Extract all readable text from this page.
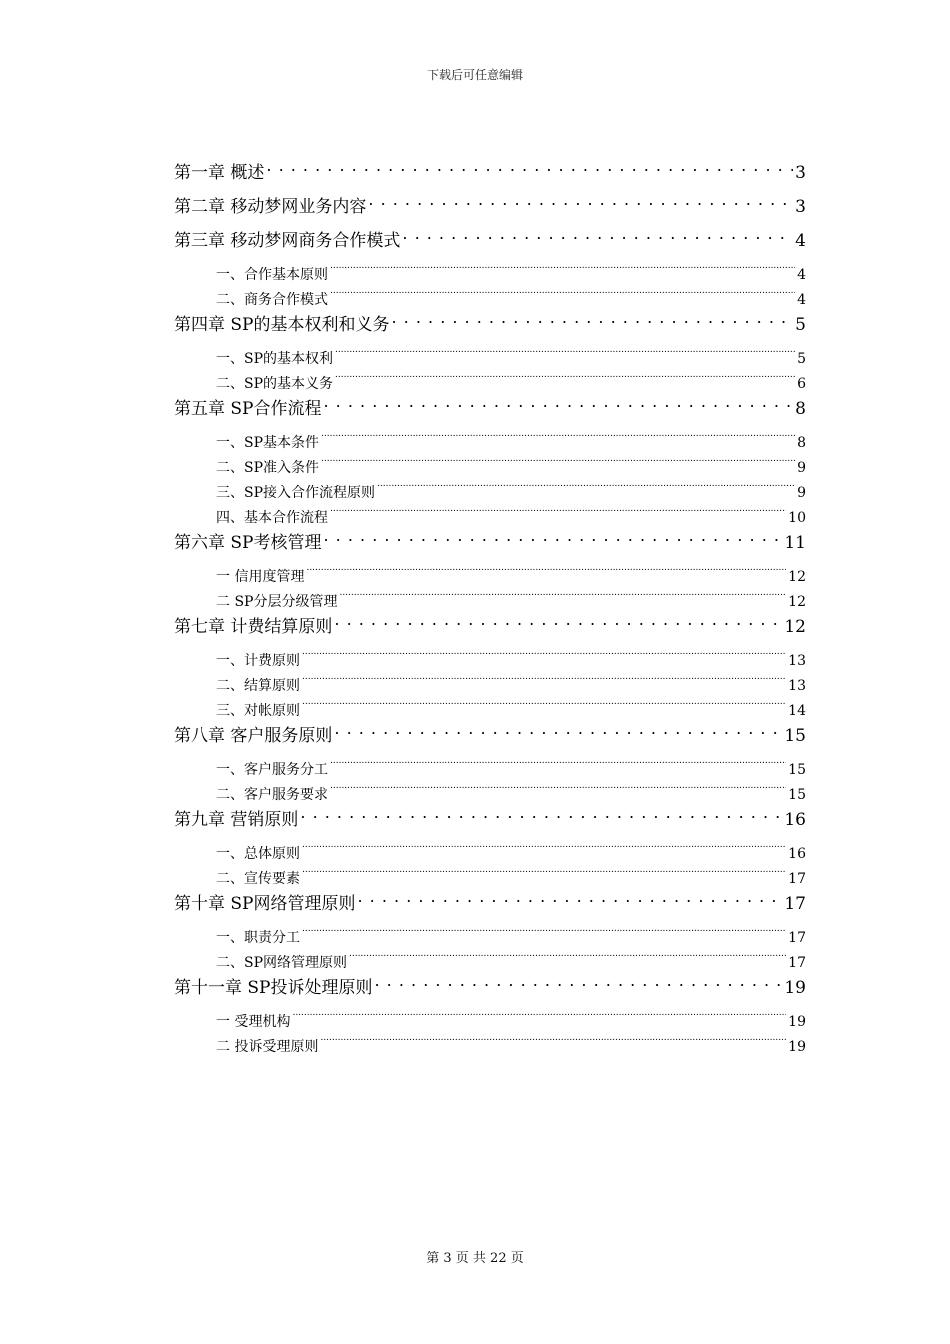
下载后可任意编辑
第一章 概述 . . .	3
第二章 移动梦网业务内容 . . .	3
第三章 移动梦网商务合作模式 . . .	4
一、合作基本原则 .....	4
二、商务合作模式 .....	4
第四章 SP的基本权利和义务 . . .	5
一、SP的基本权利 .....	5
二、SP的基本义务 .....	6
第五章 SP合作流程 . . .	8
一、SP基本条件 .....	8
二、SP准入条件 .....	9
三、SP接入合作流程原则 .....	9
四、基本合作流程 .....	10
第六章 SP考核管理 . . .	11
一 信用度管理 .....	12
二 SP分层分级管理 .....	12
第七章 计费结算原则 . . .	12
一、计费原则 .....	13
二、结算原则 .....	13
三、对帐原则 .....	14
第八章 客户服务原则 . . .	15
一、客户服务分工 .....	15
二、客户服务要求 .....	15
第九章 营销原则 . . .	16
一、总体原则 .....	16
二、宣传要素 .....	17
第十章 SP网络管理原则 . . .	17
一、职责分工 .....	17
二、SP网络管理原则 .....	17
第十一章 SP投诉处理原则 . . .	19
一 受理机构 .....	19
二 投诉受理原则 .....	19
第 3 页 共 22 页
